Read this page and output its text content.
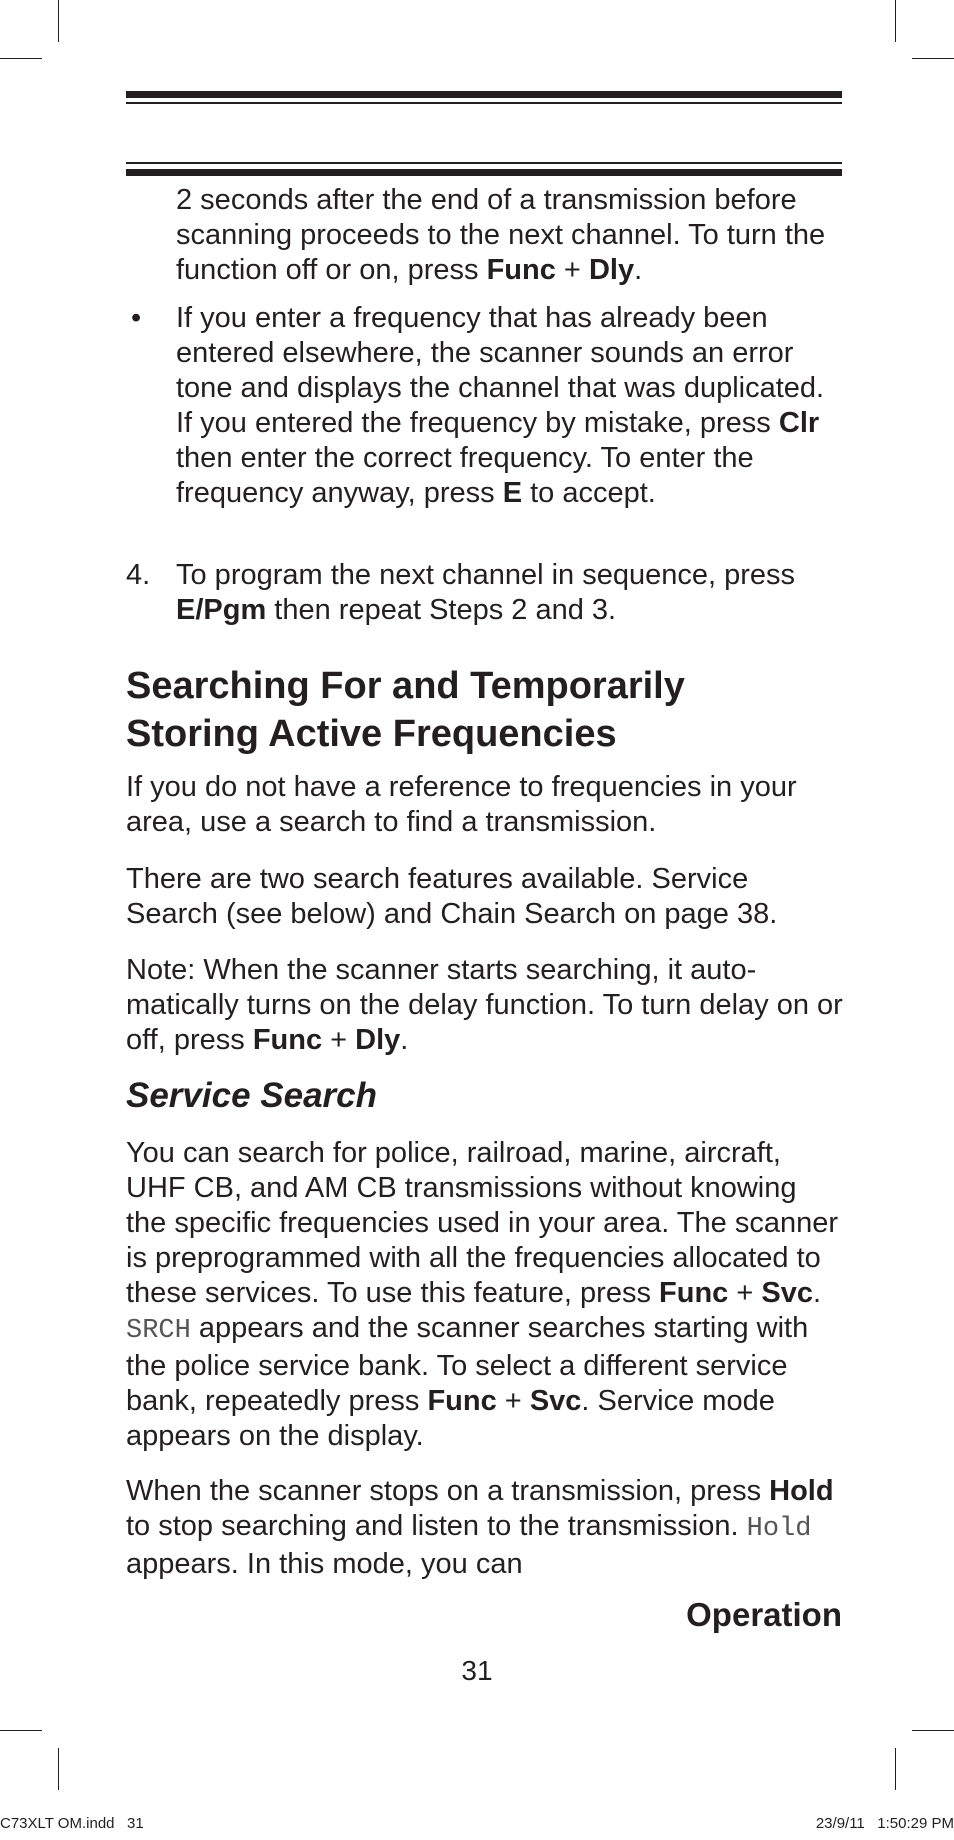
2 seconds after the end of a transmission before scanning proceeds to the next channel. To turn the function off or on, press Func + Dly.

• If you enter a frequency that has already been entered elsewhere, the scanner sounds an error tone and displays the channel that was duplicated. If you entered the frequency by mistake, press Clr then enter the correct frequency. To enter the frequency anyway, press E to accept.

4. To program the next channel in sequence, press E/Pgm then repeat Steps 2 and 3.

Searching For and Temporarily Storing Active Frequencies

If you do not have a reference to frequencies in your area, use a search to find a transmission.

There are two search features available. Service Search (see below) and Chain Search on page 38.

Note: When the scanner starts searching, it auto-matically turns on the delay function. To turn delay on or off, press Func + Dly.

Service Search

You can search for police, railroad, marine, aircraft, UHF CB, and AM CB transmissions without knowing the specific frequencies used in your area. The scanner is preprogrammed with all the frequencies allocated to these services. To use this feature, press Func + Svc. SRCH appears and the scanner searches starting with the police service bank. To select a different service bank, repeatedly press Func + Svc. Service mode appears on the display.

When the scanner stops on a transmission, press Hold to stop searching and listen to the transmission. Hold appears. In this mode, you can

Operation
31
C73XLT OM.indd   31	23/9/11   1:50:29 PM
